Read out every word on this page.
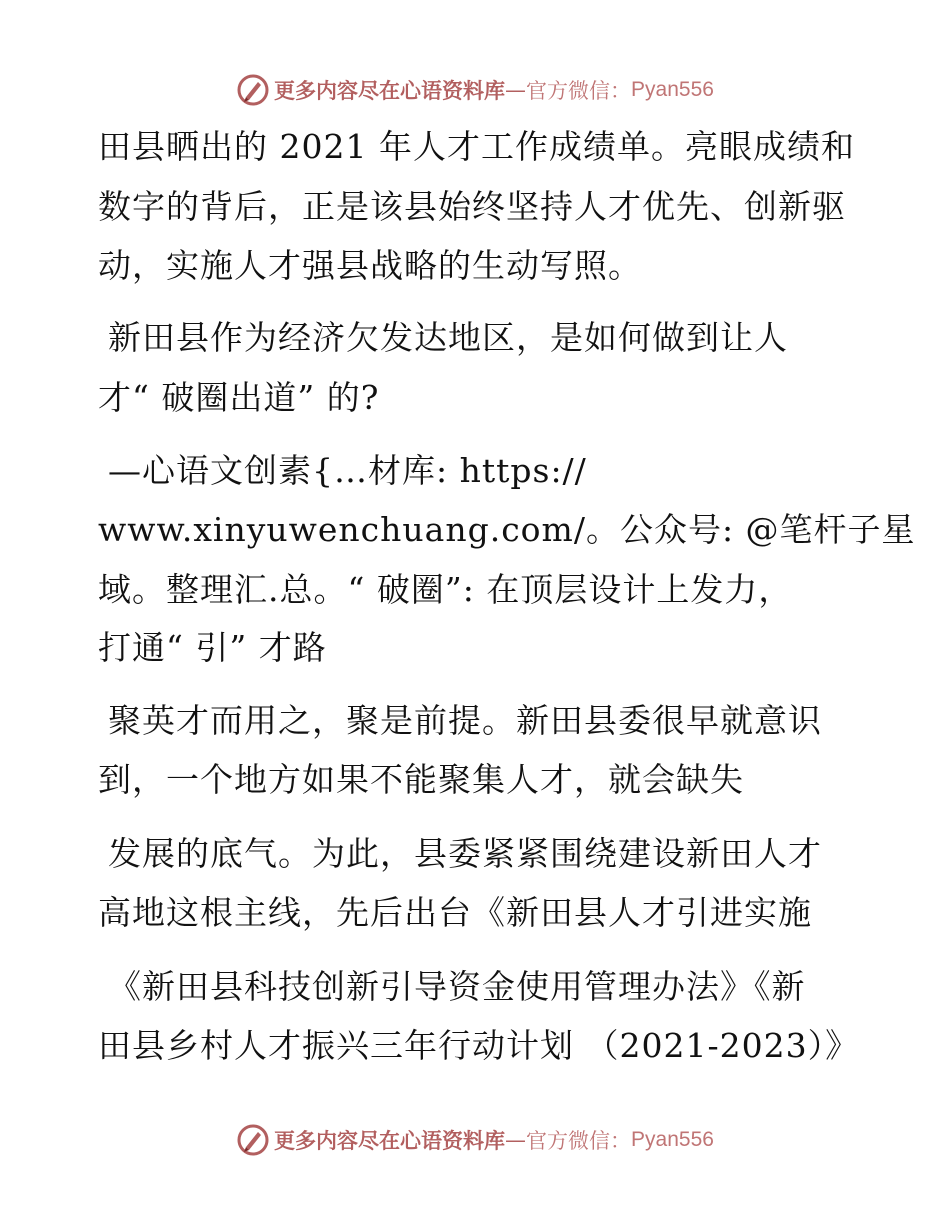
更多内容尽在心语资料库 — 官方微信： Pyan556
田县晒出的 2021 年人才工作成绩单。亮眼成绩和
数字的背后，正是该县始终坚持人才优先、创新驱
动，实施人才强县战略的生动写照。
新田县作为经济欠发达地区，是如何做到让人
才“ 破圈出道” 的?
—心语文创素{…材库: https://
www.xinyuwenchuang.com/。公众号: @笔杆子星
域。整理汇.总。“ 破圈”: 在顶层设计上发力，
打通“ 引” 才路
聚英才而用之，聚是前提。新田县委很早就意识
到，一个地方如果不能聚集人才，就会缺失
发展的底气。为此，县委紧紧围绕建设新田人才
高地这根主线，先后出台《新田县人才引进实施
《新田县科技创新引导资金使用管理办法》《新
田县乡村人才振兴三年行动计划 （2021-2023）》
更多内容尽在心语资料库 — 官方微信： Pyan556
